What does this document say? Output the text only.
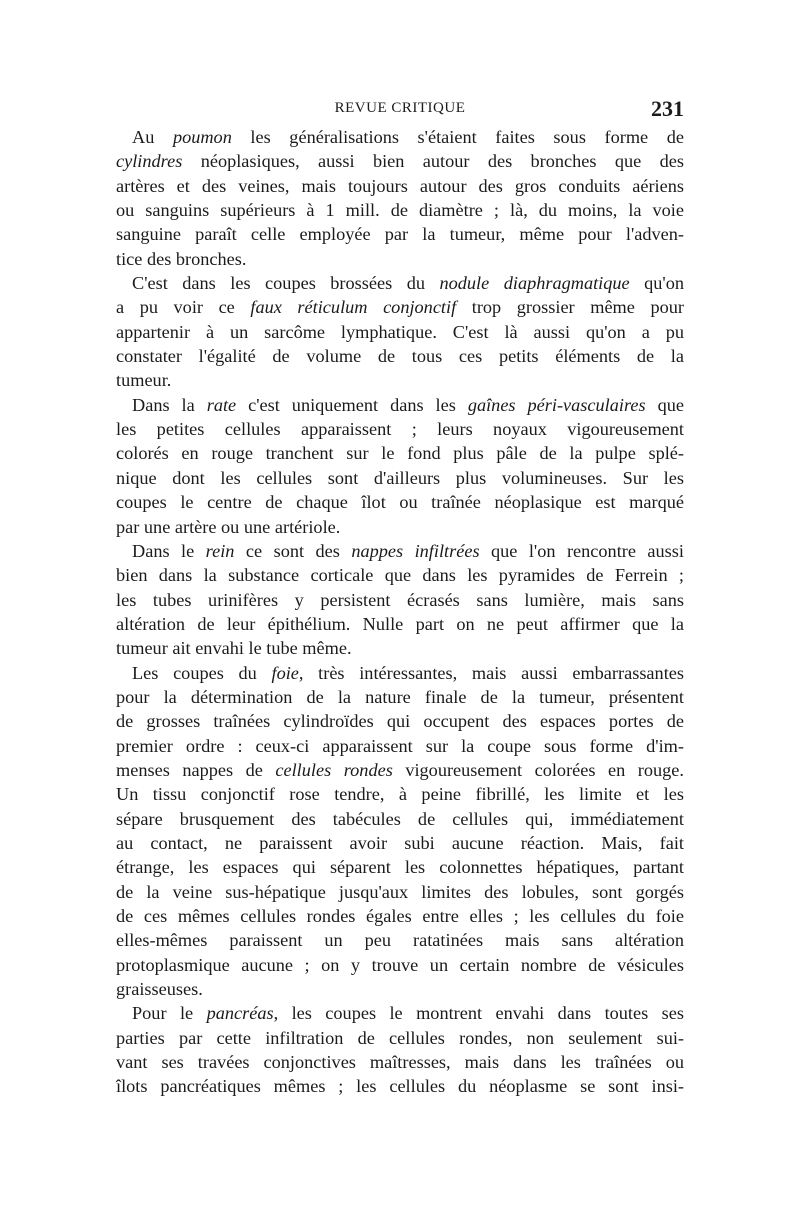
REVUE CRITIQUE	231

Au poumon les généralisations s'étaient faites sous forme de
cylindres néoplasiques, aussi bien autour des bronches que des
artères et des veines, mais toujours autour des gros conduits aériens
ou sanguins supérieurs à 1 mill. de diamètre ; là, du moins, la voie
sanguine paraît celle employée par la tumeur, même pour l'adven-
tice des bronches.

C'est dans les coupes brossées du nodule diaphragmatique qu'on
a pu voir ce faux réticulum conjonctif trop grossier même pour
appartenir à un sarcôme lymphatique. C'est là aussi qu'on a pu
constater l'égalité de volume de tous ces petits éléments de la
tumeur.

Dans la rate c'est uniquement dans les gaînes péri-vasculaires que
les petites cellules apparaissent ; leurs noyaux vigoureusement
colorés en rouge tranchent sur le fond plus pâle de la pulpe splé-
nique dont les cellules sont d'ailleurs plus volumineuses. Sur les
coupes le centre de chaque îlot ou traînée néoplasique est marqué
par une artère ou une artériole.

Dans le rein ce sont des nappes infiltrées que l'on rencontre aussi
bien dans la substance corticale que dans les pyramides de Ferrein ;
les tubes urinifères y persistent écrasés sans lumière, mais sans
altération de leur épithélium. Nulle part on ne peut affirmer que la
tumeur ait envahi le tube même.

Les coupes du foie, très intéressantes, mais aussi embarrassantes
pour la détermination de la nature finale de la tumeur, présentent
de grosses traînées cylindroïdes qui occupent des espaces portes de
premier ordre : ceux-ci apparaissent sur la coupe sous forme d'im-
menses nappes de cellules rondes vigoureusement colorées en rouge.
Un tissu conjonctif rose tendre, à peine fibrillé, les limite et les
sépare brusquement des tabécules de cellules qui, immédiatement
au contact, ne paraissent avoir subi aucune réaction. Mais, fait
étrange, les espaces qui séparent les colonnettes hépatiques, partant
de la veine sus-hépatique jusqu'aux limites des lobules, sont gorgés
de ces mêmes cellules rondes égales entre elles ; les cellules du foie
elles-mêmes paraissent un peu ratatinées mais sans altération
protoplasmique aucune ; on y trouve un certain nombre de vésicules
graisseuses.

Pour le pancréas, les coupes le montrent envahi dans toutes ses
parties par cette infiltration de cellules rondes, non seulement sui-
vant ses travées conjonctives maîtresses, mais dans les traînées ou
îlots pancréatiques mêmes ; les cellules du néoplasme se sont insi-
